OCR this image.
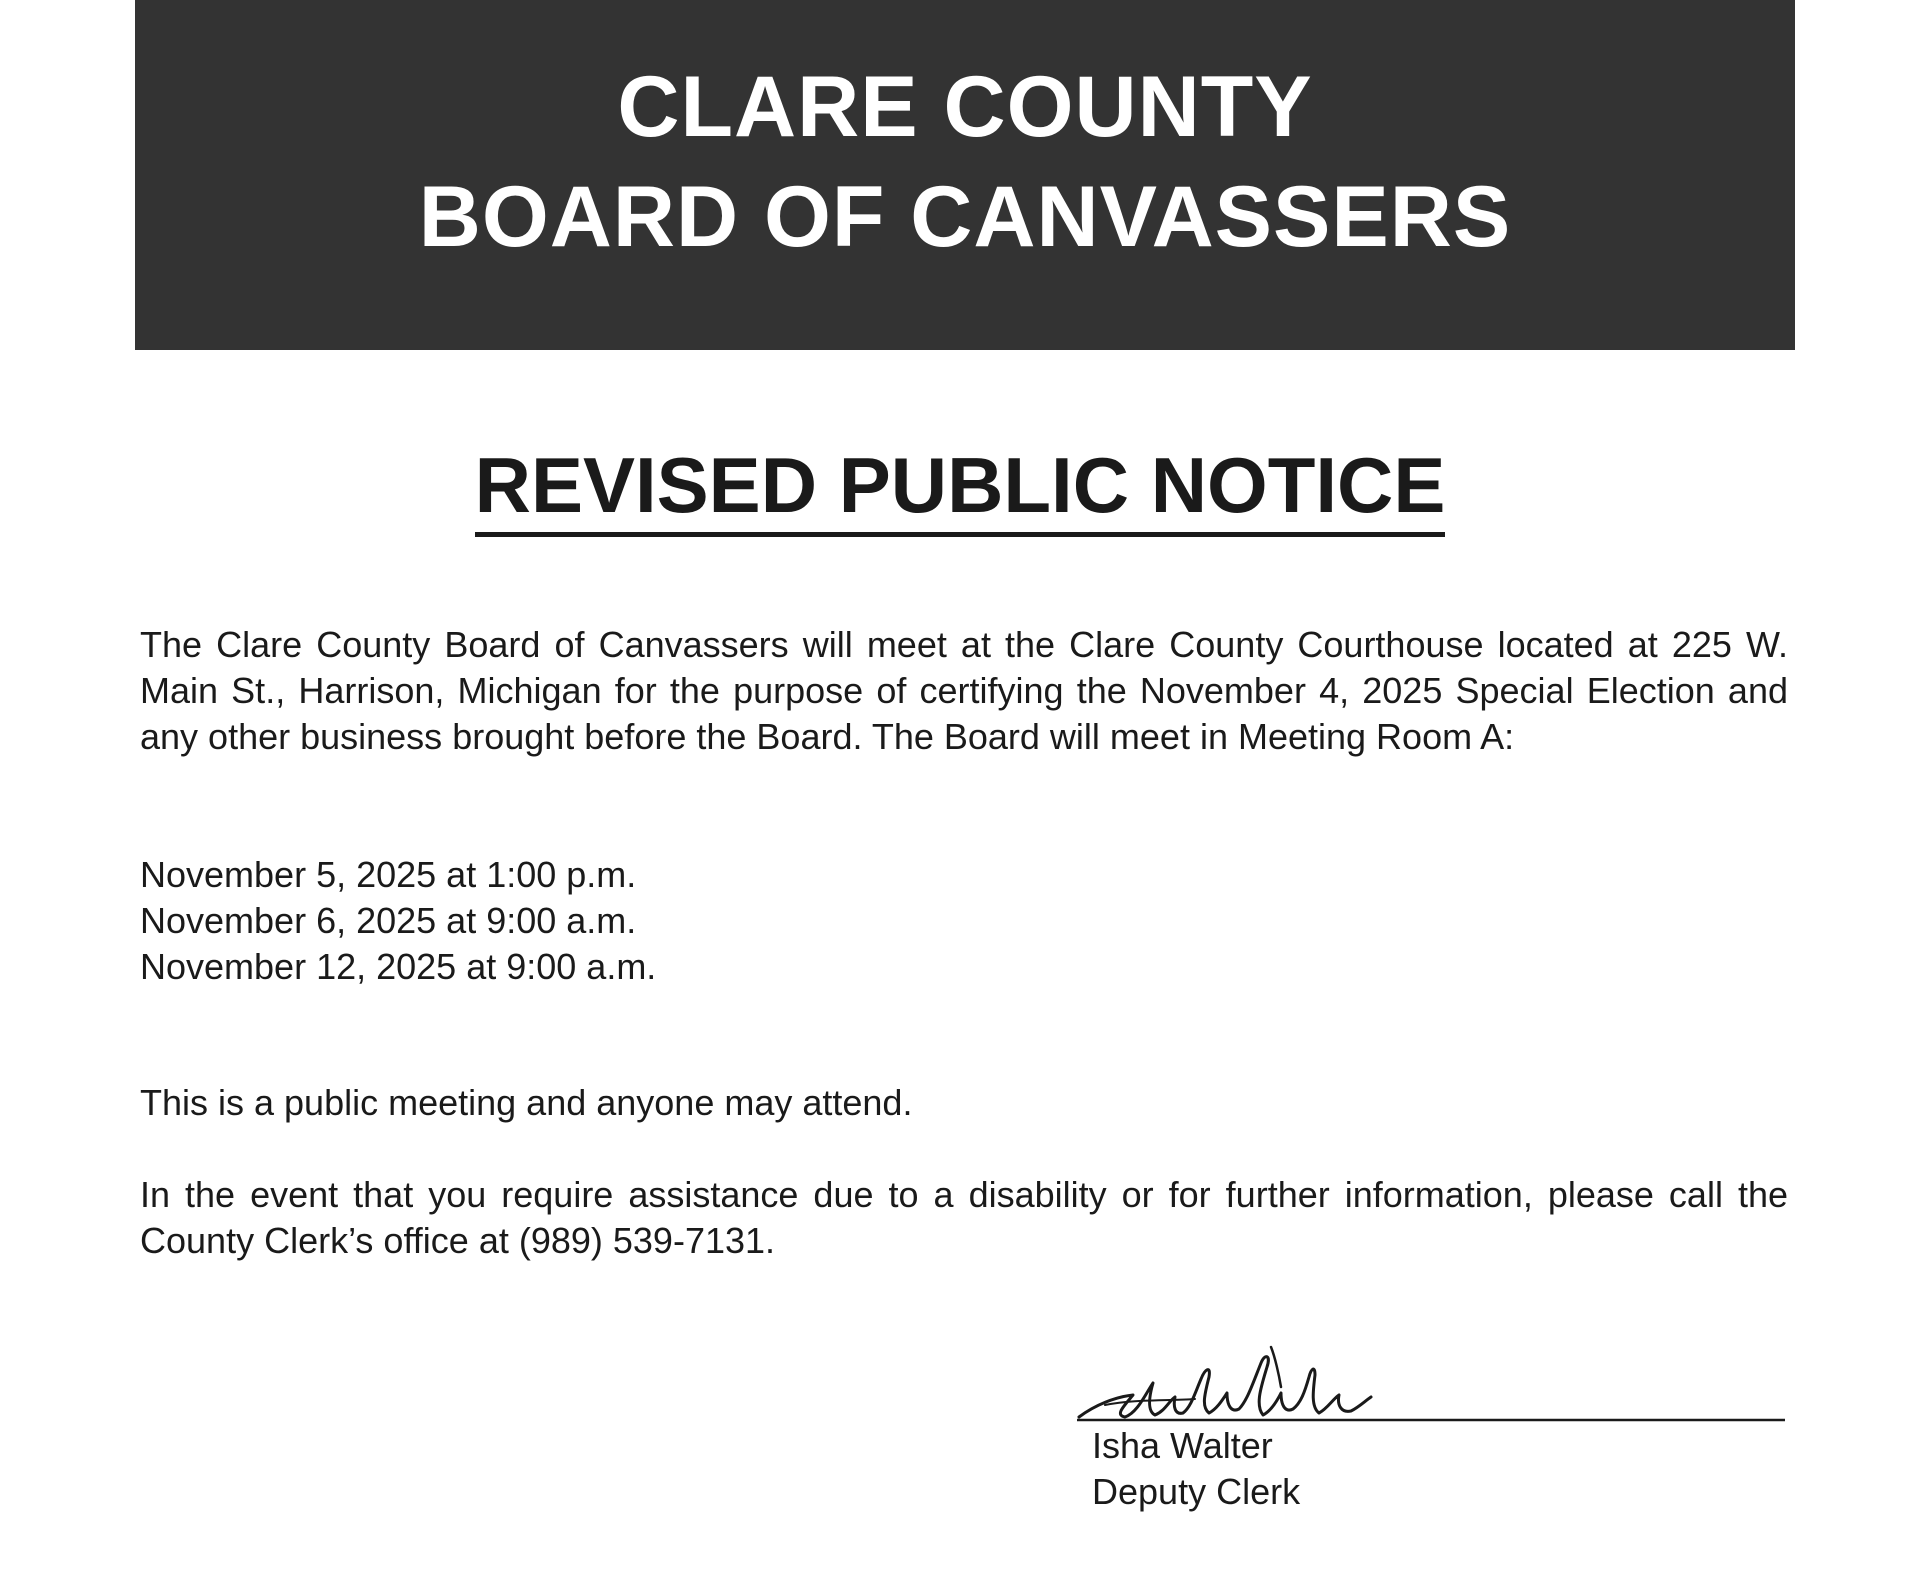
CLARE COUNTY
BOARD OF CANVASSERS
REVISED PUBLIC NOTICE
The Clare County Board of Canvassers will meet at the Clare County Courthouse located at 225 W. Main St., Harrison, Michigan for the purpose of certifying the November 4, 2025 Special Election and any other business brought before the Board. The Board will meet in Meeting Room A:
November 5, 2025 at 1:00 p.m.
November 6, 2025 at 9:00 a.m.
November 12, 2025 at 9:00 a.m.
This is a public meeting and anyone may attend.
In the event that you require assistance due to a disability or for further information, please call the County Clerk’s office at (989) 539-7131.
Isha Walter
Deputy Clerk
